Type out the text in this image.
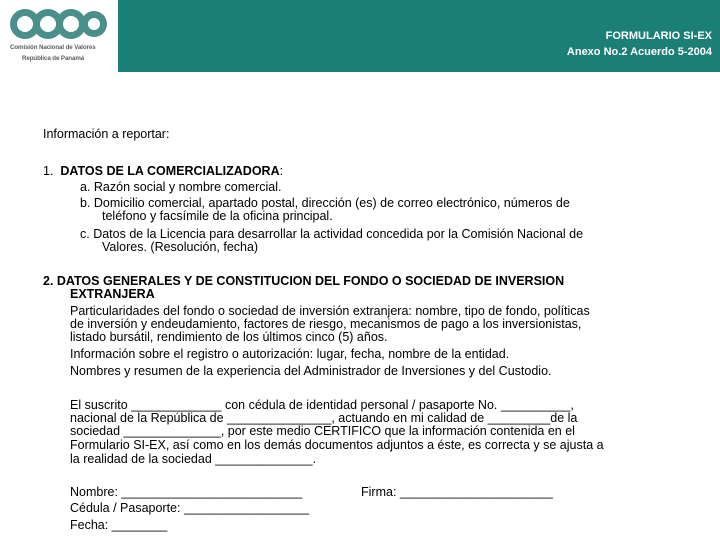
Comisión Nacional de Valores
República de Panamá
FORMULARIO SI-EX
Anexo No.2 Acuerdo 5-2004
Información a reportar:
1. DATOS DE LA COMERCIALIZADORA:
a. Razón social y nombre comercial.
b. Domicilio comercial, apartado postal, dirección (es) de correo electrónico, números de
teléfono y facsímile de la oficina principal.
c. Datos de la Licencia para desarrollar la actividad concedida por la Comisión Nacional de
Valores. (Resolución, fecha)
2. DATOS GENERALES Y DE CONSTITUCION DEL FONDO O SOCIEDAD DE INVERSION
EXTRANJERA
Particularidades del fondo o sociedad de inversión extranjera: nombre, tipo de fondo, políticas
de inversión y endeudamiento, factores de riesgo, mecanismos de pago a los inversionistas,
listado bursátil, rendimiento de los últimos cinco (5) años.
Información sobre el registro o autorización: lugar, fecha, nombre de la entidad.
Nombres y resumen de la experiencia del Administrador de Inversiones y del Custodio.
El suscrito _____________ con cédula de identidad personal / pasaporte No. __________,
nacional de la República de _______________, actuando en mi calidad de _________de la
sociedad ______________, por este medio CERTIFICO que la información contenida en el
Formulario SI-EX, así como en los demás documentos adjuntos a éste, es correcta y se ajusta a
la realidad de la sociedad ______________.
Nombre: __________________________	Firma: ______________________
Cédula / Pasaporte: __________________
Fecha: ________
